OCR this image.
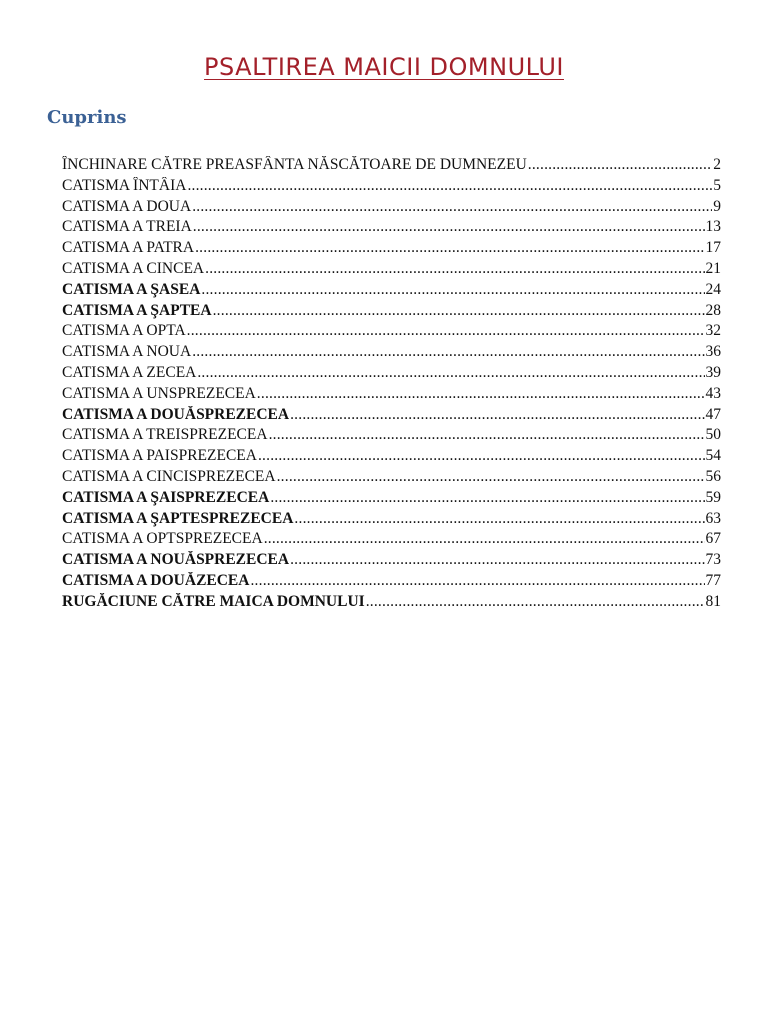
PSALTIREA MAICII DOMNULUI
Cuprins
ÎNCHINARE CĂTRE PREASFÂNTA NĂSCĂTOARE DE DUMNEZEU .....	2
CATISMA ÎNTÂIA .....	5
CATISMA A DOUA .....	9
CATISMA A TREIA .....	13
CATISMA A PATRA .....	17
CATISMA A CINCEA .....	21
CATISMA A ŞASEA .....	24
CATISMA A ŞAPTEA .....	28
CATISMA A OPTA .....	32
CATISMA A NOUA .....	36
CATISMA A ZECEA .....	39
CATISMA A UNSPREZECEA .....	43
CATISMA A DOUĂSPREZECEA .....	47
CATISMA A TREISPREZECEA .....	50
CATISMA A PAISPREZECEA .....	54
CATISMA A CINCISPREZECEA .....	56
CATISMA A ŞAISPREZECEA .....	59
CATISMA A ŞAPTESPREZECEA .....	63
CATISMA A OPTSPREZECEA .....	67
CATISMA A NOUĂSPREZECEA .....	73
CATISMA A DOUĂZECEA .....	77
RUGĂCIUNE CĂTRE MAICA DOMNULUI .....	81
